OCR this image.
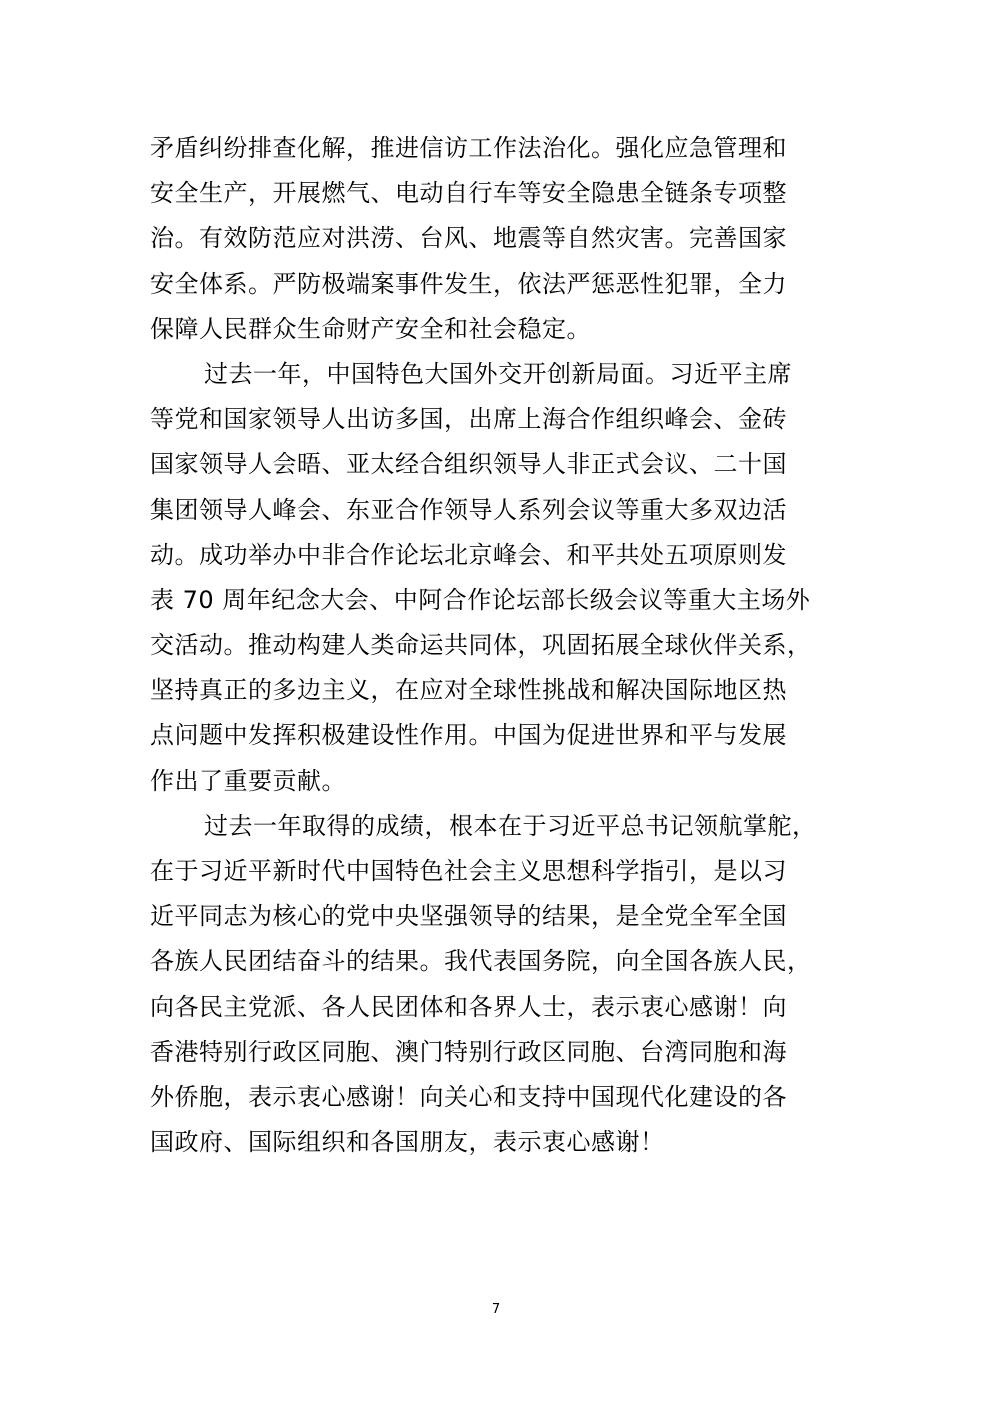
矛盾纠纷排查化解，推进信访工作法治化。强化应急管理和
安全生产，开展燃气、电动自行车等安全隐患全链条专项整
治。有效防范应对洪涝、台风、地震等自然灾害。完善国家
安全体系。严防极端案事件发生，依法严惩恶性犯罪，全力
保障人民群众生命财产安全和社会稳定。
过去一年，中国特色大国外交开创新局面。习近平主席
等党和国家领导人出访多国，出席上海合作组织峰会、金砖
国家领导人会晤、亚太经合组织领导人非正式会议、二十国
集团领导人峰会、东亚合作领导人系列会议等重大多双边活
动。成功举办中非合作论坛北京峰会、和平共处五项原则发
表 70 周年纪念大会、中阿合作论坛部长级会议等重大主场外
交活动。推动构建人类命运共同体，巩固拓展全球伙伴关系，
坚持真正的多边主义，在应对全球性挑战和解决国际地区热
点问题中发挥积极建设性作用。中国为促进世界和平与发展
作出了重要贡献。
过去一年取得的成绩，根本在于习近平总书记领航掌舵，
在于习近平新时代中国特色社会主义思想科学指引，是以习
近平同志为核心的党中央坚强领导的结果，是全党全军全国
各族人民团结奋斗的结果。我代表国务院，向全国各族人民，
向各民主党派、各人民团体和各界人士，表示衷心感谢！向
香港特别行政区同胞、澳门特别行政区同胞、台湾同胞和海
外侨胞，表示衷心感谢！向关心和支持中国现代化建设的各
国政府、国际组织和各国朋友，表示衷心感谢！
7
